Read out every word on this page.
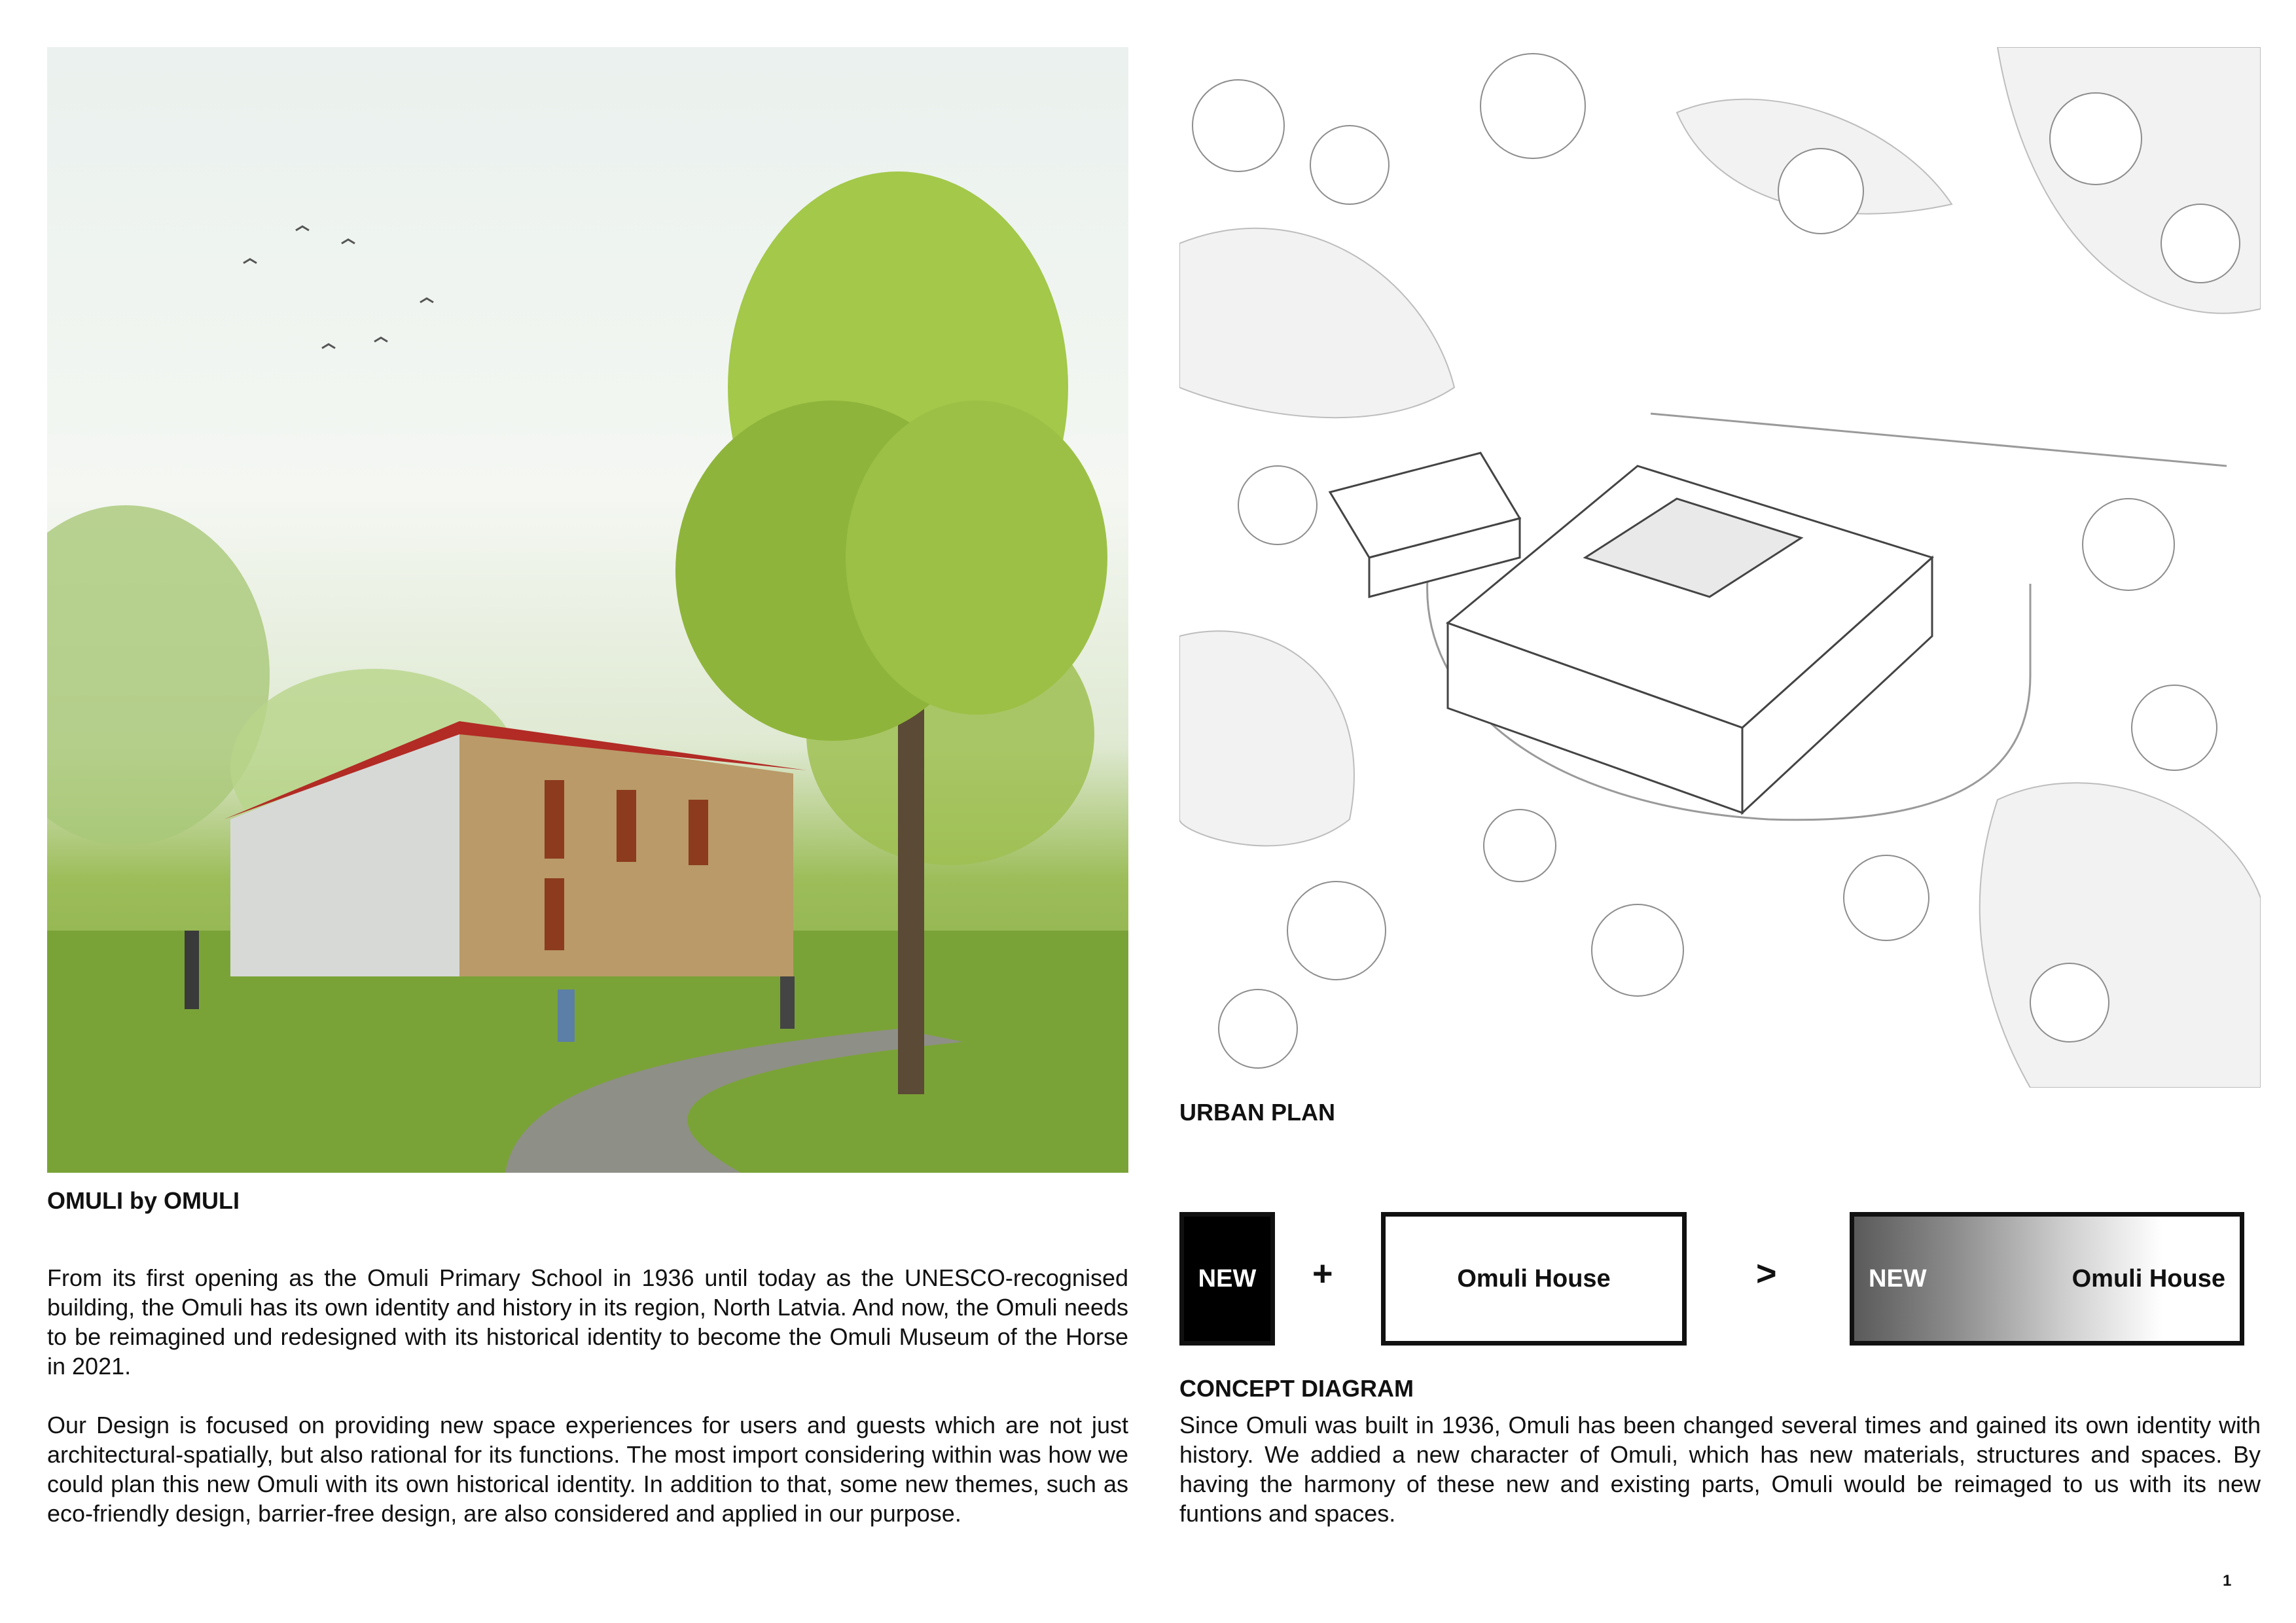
OMULI by OMULI
From its first opening as the Omuli Primary School in 1936 until today as the UNESCO-recognised building, the Omuli has its own identity and history in its region, North Latvia. And now, the Omuli needs to be reimagined und redesigned with its historical identity to become the Omuli Museum of the Horse in 2021.
Our Design is focused on providing new space experiences for users and guests which are not just architectural-spatially, but also rational for its functions. The most import considering within was how we could plan this new Omuli with its own historical identity. In addition to that, some new themes, such as eco-friendly design, barrier-free design, are also considered and applied in our purpose.
URBAN PLAN
NEW +	Omuli House	>	NEW	Omuli House
CONCEPT DIAGRAM
Since Omuli was built in 1936, Omuli has been changed several times and gained its own identity with history. We addied a new character of Omuli, which has new materials, structures and spaces. By having the harmony of these new and existing parts, Omuli would be reimaged to us with its new funtions and spaces.
1
